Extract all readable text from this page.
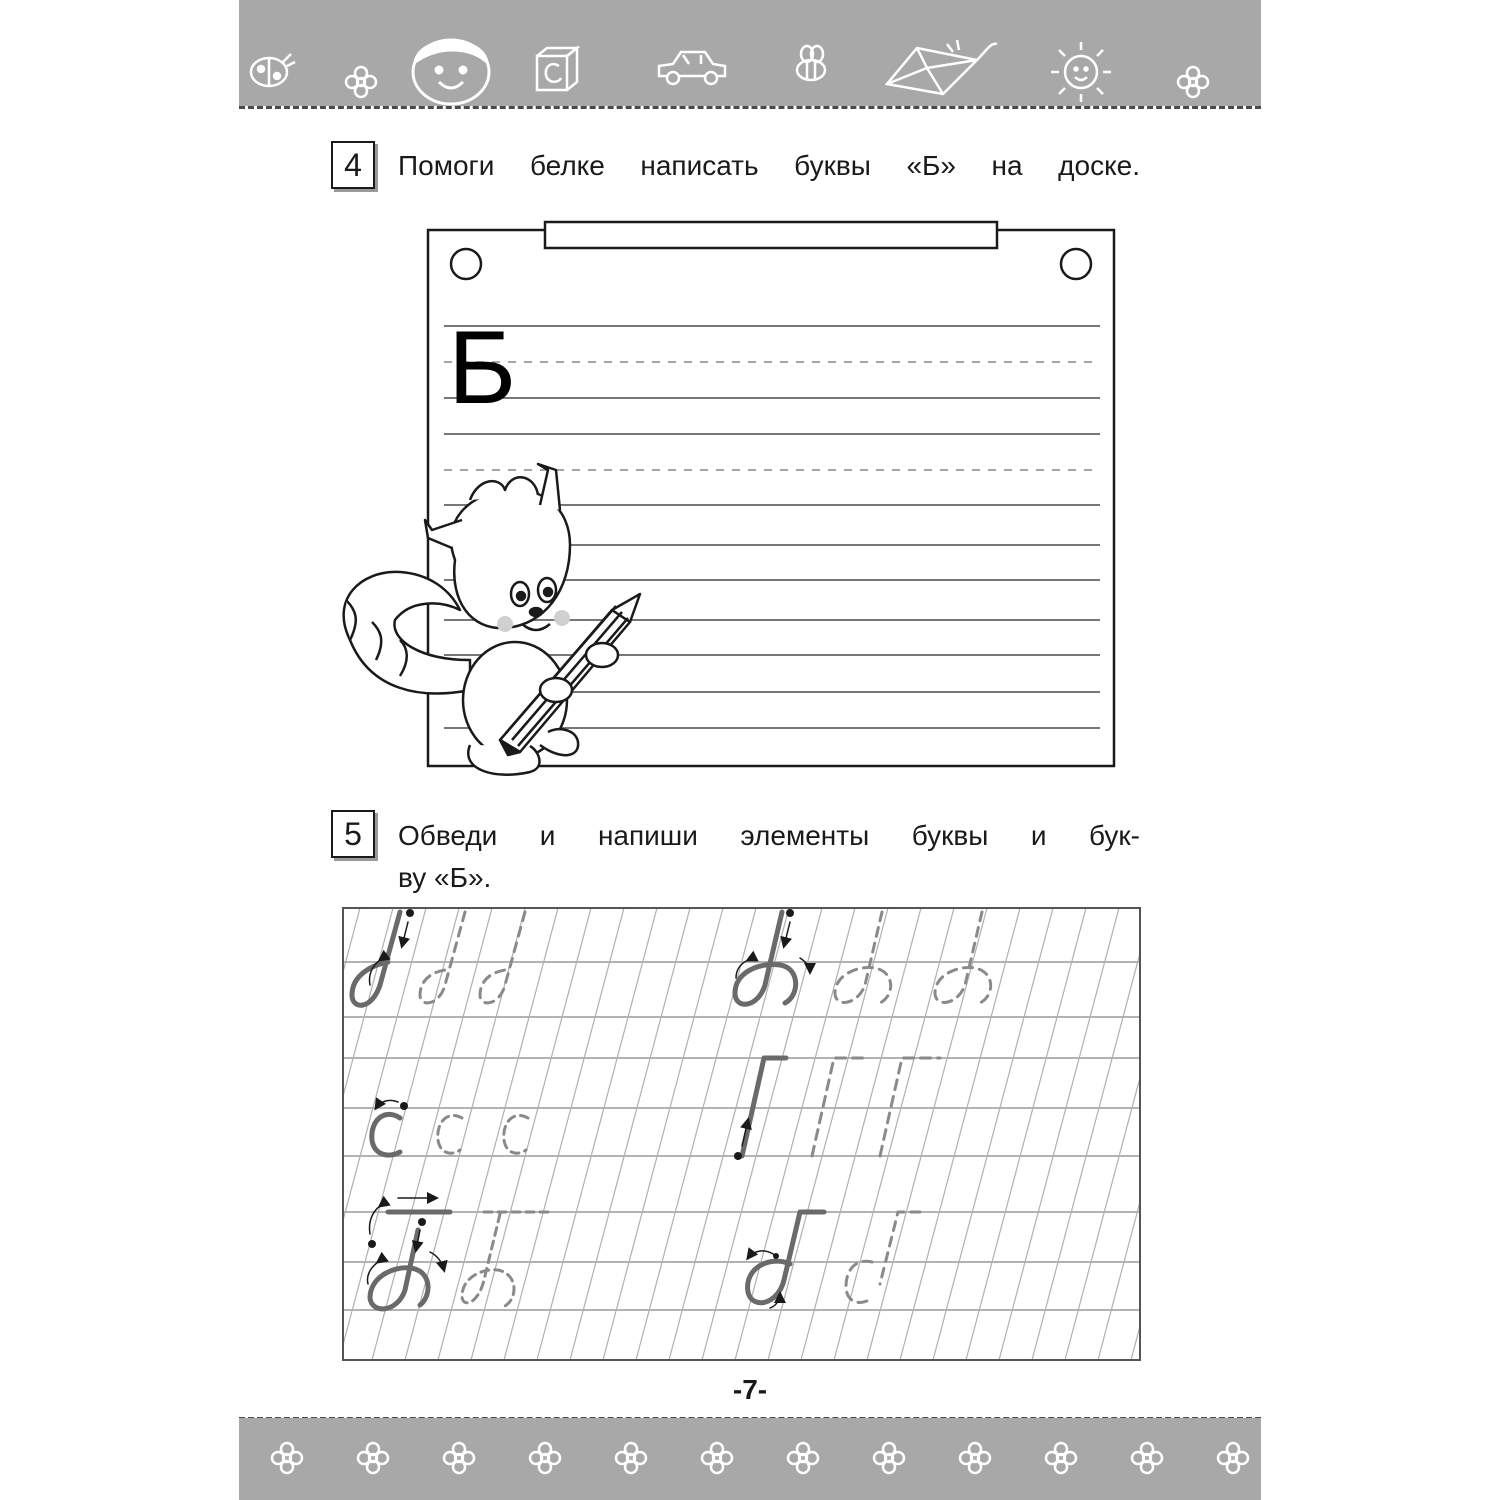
4	Помоги белке написать буквы «Б» на доске.
Б
5	Обведи и напиши элементы буквы и бук-
ву «Б».
-7-
